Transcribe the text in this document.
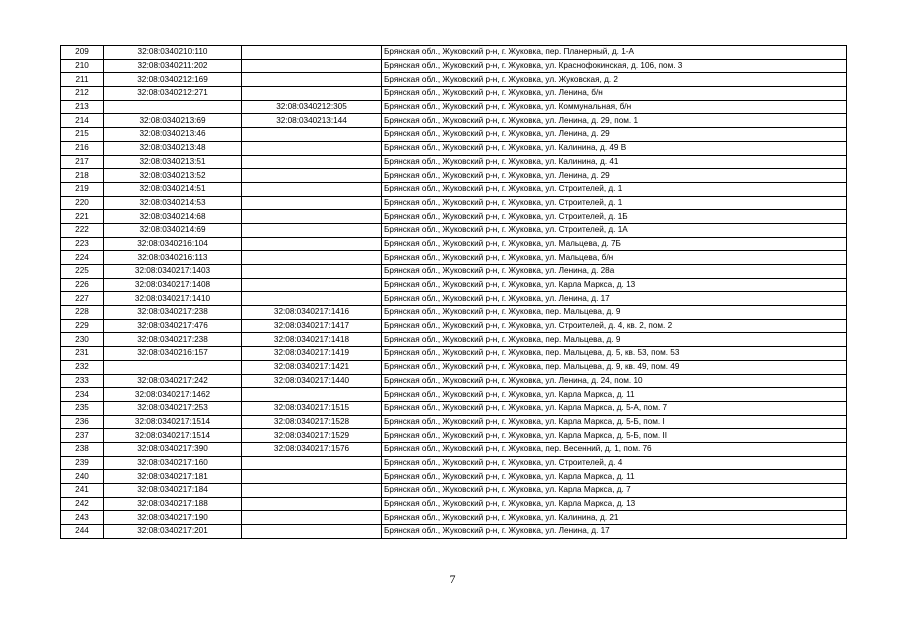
209	32:08:0340210:110		Брянская обл., Жуковский р-н, г. Жуковка, пер. Планерный, д. 1-А
210	32:08:0340211:202		Брянская обл., Жуковский р-н, г. Жуковка, ул. Краснофокинская, д. 106, пом. 3
211	32:08:0340212:169		Брянская обл., Жуковский р-н, г. Жуковка, ул. Жуковская, д. 2
212	32:08:0340212:271		Брянская обл., Жуковский р-н, г. Жуковка, ул. Ленина, б/н
213		32:08:0340212:305	Брянская обл., Жуковский р-н, г. Жуковка, ул. Коммунальная, б/н
214	32:08:0340213:69	32:08:0340213:144	Брянская обл., Жуковский р-н, г. Жуковка, ул. Ленина, д. 29, пом. 1
215	32:08:0340213:46		Брянская обл., Жуковский р-н, г. Жуковка, ул. Ленина, д. 29
216	32:08:0340213:48		Брянская обл., Жуковский р-н, г. Жуковка, ул. Калинина, д. 49 В
217	32:08:0340213:51		Брянская обл., Жуковский р-н, г. Жуковка, ул. Калинина, д. 41
218	32:08:0340213:52		Брянская обл., Жуковский р-н, г. Жуковка, ул. Ленина, д. 29
219	32:08:0340214:51		Брянская обл., Жуковский р-н, г. Жуковка, ул. Строителей, д. 1
220	32:08:0340214:53		Брянская обл., Жуковский р-н, г. Жуковка, ул. Строителей, д. 1
221	32:08:0340214:68		Брянская обл., Жуковский р-н, г. Жуковка, ул. Строителей, д. 1Б
222	32:08:0340214:69		Брянская обл., Жуковский р-н, г. Жуковка, ул. Строителей, д. 1А
223	32:08:0340216:104		Брянская обл., Жуковский р-н, г. Жуковка, ул. Мальцева, д. 7Б
224	32:08:0340216:113		Брянская обл., Жуковский р-н, г. Жуковка, ул. Мальцева, б/н
225	32:08:0340217:1403		Брянская обл., Жуковский р-н, г. Жуковка, ул. Ленина, д. 28а
226	32:08:0340217:1408		Брянская обл., Жуковский р-н, г. Жуковка, ул. Карла Маркса, д. 13
227	32:08:0340217:1410		Брянская обл., Жуковский р-н, г. Жуковка, ул. Ленина, д. 17
228	32:08:0340217:238	32:08:0340217:1416	Брянская обл., Жуковский р-н, г. Жуковка, пер. Мальцева, д. 9
229	32:08:0340217:476	32:08:0340217:1417	Брянская обл., Жуковский р-н, г. Жуковка, ул. Строителей, д. 4, кв. 2, пом. 2
230	32:08:0340217:238	32:08:0340217:1418	Брянская обл., Жуковский р-н, г. Жуковка, пер. Мальцева, д. 9
231	32:08:0340216:157	32:08:0340217:1419	Брянская обл., Жуковский р-н, г. Жуковка, пер. Мальцева, д. 5, кв. 53, пом. 53
232		32:08:0340217:1421	Брянская обл., Жуковский р-н, г. Жуковка, пер. Мальцева, д. 9, кв. 49, пом. 49
233	32:08:0340217:242	32:08:0340217:1440	Брянская обл., Жуковский р-н, г. Жуковка, ул. Ленина, д. 24, пом. 10
234	32:08:0340217:1462		Брянская обл., Жуковский р-н, г. Жуковка, ул. Карла Маркса, д. 11
235	32:08:0340217:253	32:08:0340217:1515	Брянская обл., Жуковский р-н, г. Жуковка, ул. Карла Маркса, д. 5-А, пом. 7
236	32:08:0340217:1514	32:08:0340217:1528	Брянская обл., Жуковский р-н, г. Жуковка, ул. Карла Маркса, д. 5-Б, пом. I
237	32:08:0340217:1514	32:08:0340217:1529	Брянская обл., Жуковский р-н, г. Жуковка, ул. Карла Маркса, д. 5-Б, пом. II
238	32:08:0340217:390	32:08:0340217:1576	Брянская обл., Жуковский р-н, г. Жуковка, пер. Весенний, д. 1, пом. 76
239	32:08:0340217:160		Брянская обл., Жуковский р-н, г. Жуковка, ул. Строителей, д. 4
240	32:08:0340217:181		Брянская обл., Жуковский р-н, г. Жуковка, ул. Карла Маркса, д. 11
241	32:08:0340217:184		Брянская обл., Жуковский р-н, г. Жуковка, ул. Карла Маркса, д. 7
242	32:08:0340217:188		Брянская обл., Жуковский р-н, г. Жуковка, ул. Карла Маркса, д. 13
243	32:08:0340217:190		Брянская обл., Жуковский р-н, г. Жуковка, ул. Калинина, д. 21
244	32:08:0340217:201		Брянская обл., Жуковский р-н, г. Жуковка, ул. Ленина, д. 17
7
